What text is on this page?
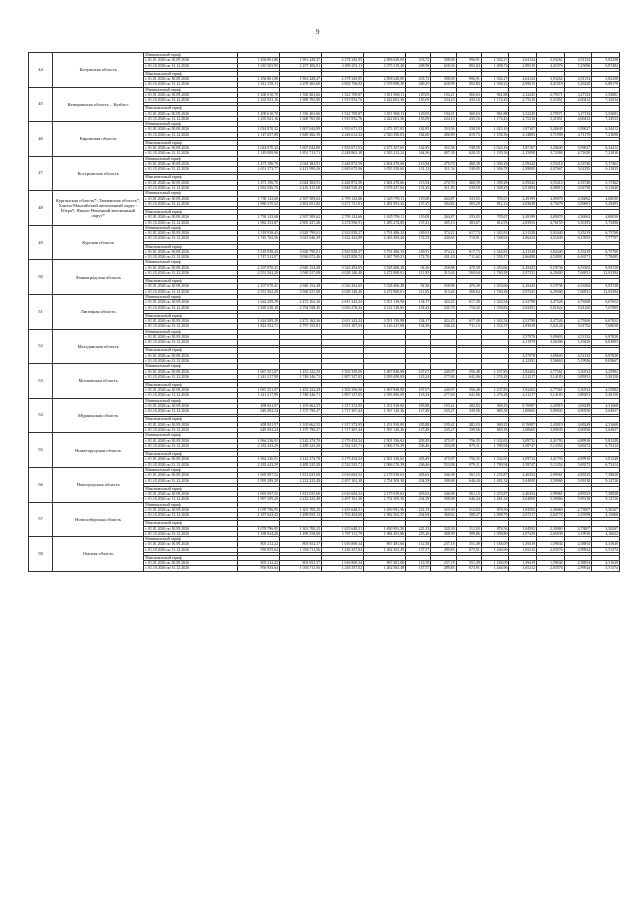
9
44	Калужская область	Минимальный тариф												
		c 01.01.2026 по 30.09.2026	1 456 861,86	1 961 428,47	2 278 345,95	2 858 628,00	233,72	398,00	996,91	1 302,27	2,64144	3,93262	4,51154	5,82208
		c 01.10.2026 по 31.12.2026	1 610 565,95	2 257 306,01	2 690 253,11	3 375 519,40	268,98	628,36	802,04	1 498,72	2,98319	4,41076	5,25696	6,87482

		Максимальный тариф												
		c 01.01.2026 по 30.09.2026	1 456 861,86	1 961 428,47	2 278 345,95	2 858 628,00	233,72	398,00	996,91	1 302,27	2,64144	3,93262	4,51154	5,82208
		c 01.10.2026 по 31.12.2026	1 612 158,11	2 259 365,60	2 692 706,02	3 378 898,30	269,25	628,99	802,84	1 500,22	2,99615	4,41518	5,26220	6,88170
45	Кемеровская область – Кузбасс	Минимальный тариф												
		c 01.01.2026 по 30.09.2026	1 200 610,70	1 356 463,66	1 522 709,87	1 811 968,11	129,05	194,21	360,63	961,88	2,32245	2,79571	3,27134	5,53681
		c 01.10.2026 по 31.12.2026	1 435 941,16	1 608 765,90	1 915 952,76	2 422 601,56	155,09	234,10	435,16	1 174,43	2,75210	3,31851	4,00412	7,32934

		Максимальный тариф												
		c 01.01.2026 по 30.09.2026	1 200 610,70	1 356 463,66	1 522 709,87	1 811 968,11	129,05	194,21	360,63	961,88	2,32245	2,79571	3,27134	5,53681
		c 01.10.2026 по 31.12.2026	1 435 941,16	1 608 765,90	1 915 952,76	2 422 601,56	155,09	234,10	435,16	1 174,43	2,75210	3,31851	4,00412	7,32934
46	Кировская область	Минимальный тариф												
		c 01.01.2026 по 30.09.2026	1 024 070,32	1 607 044,89	1 935 671,53	2 473 107,65	142,85	353,56	538,50	1 023,16	1,87107	3,20639	3,99027	6,34412
		c 01.10.2026 по 31.12.2026	1 147 657,89	1 849 466,39	2 246 614,32	2 920 290,03	164,60	406,89	619,73	1 194,36	2,14883	3,71998	4,71176	7,21698

		Максимальный тариф												
		c 01.01.2026 по 30.09.2026	1 024 070,32	1 607 044,89	1 935 671,53	2 473 107,65	142,85	353,56	538,50	1 023,16	1,87107	3,20639	3,99027	6,34412
		c 01.10.2026 по 31.12.2026	1 149 008,96	1 851 713,71	2 248 863,18	2 923 213,24	164,56	407,30	620,35	1 195,56	2,15098	3,72368	4,71650	7,21810
47	Костромская область	Минимальный тариф												
		c 01.01.2026 по 30.09.2026	1 473 196,70	2 044 384,91	2 448 872,50	2 604 470,66	113,94	270,70	468,39	1 309,28	2,59442	3,55414	4,33746	5,17462
		c 01.10.2026 по 31.12.2026	1 651 273,77	2 413 999,26	2 845 675,96	3 055 358,60	131,13	311,54	539,05	1 506,78	2,98085	4,07667	5,02295	6,11025

		Максимальный тариф												
		c 01.01.2026 по 30.09.2026	1 473 196,70	2 044 384,91	2 448 872,50	2 604 470,66	113,94	270,70	468,39	1 309,28	2,59442	3,55414	4,33746	5,17462
		c 01.10.2026 по 31.12.2026	1 652 926,70	2 416 415,68	2 848 528,49	3 078 437,04	131,26	311,85	539,59	1 508,29	2,91094	4,08015	5,02798	6,11640
48	Курганская область*; Тюменская область*; Ханты-Мансийский автономный округ - Югра*; Ямало-Ненецкий автономный округ*	Минимальный тариф												
		c 01.01.2026 по 30.09.2026	1 738 143,68	2 397 509,62	2 799 142,66	1 025 799,11	119,08	264,87	333,05	705,67	2,49199	4,09070	4,36062	4,60030
		c 01.10.2026 по 31.12.2026	1 980 370,52	2 802 651,82	3 271 721,91	1 281 991,42	137,27	304,82	383,29	812,12	2,83649	4,75679	5,09691	5,29493

		Максимальный тариф												
		c 01.01.2026 по 30.09.2026	1 738 143,68	2 397 509,62	2 799 142,66	1 025 799,11	119,08	264,87	333,05	705,67	2,49199	4,09070	4,36062	4,60030
		c 01.10.2026 по 31.12.2026	1 982 352,87	2 805 437,26	3 274 996,91	1 283 274,69	137,41	305,13	383,67	812,93	2,83933	4,76155	5,10193	5,75496
49	Курская область	Минимальный тариф												
		c 01.01.2026 по 30.09.2026	1 518 938,43	2 628 799,01	2 923 828,27	3 791 486,33	149,91	374,22	617,73	1 345,81	2,31328	3,92440	5,35219	6,75768
		c 01.10.2026 по 31.12.2026	1 745 765,56	3 023 046,39	3 422 424,89	4 363 493,44	172,55	430,65	710,91	1 548,62	2,66224	4,51639	6,15955	7,77707

		Максимальный тариф												
		c 01.01.2026 по 30.09.2026	1 518 938,43	2 628 799,01	2 923 828,27	3 791 486,33	149,91	374,22	617,73	1 345,81	2,31328	3,92440	5,35219	6,75768
		c 01.10.2026 по 31.12.2026	1 747 312,07	3 026 072,46	3 425 850,74	4 367 769,21	172,70	431,10	711,62	1 550,17	2,66490	4,52091	6,16571	7,78485
50	Ленинградская область	Минимальный тариф												
		c 01.01.2026 по 30.09.2026	2 107 070,41	2 940 154,48	3 326 292,65	3 528 406,28	92,36	258,86	470,39	1 453,66	2,45443	5,19736	6,33304	9,93728
		c 01.10.2026 по 31.12.2026	2 551 562,29	3 560 527,08	4 028 140,40	4 272 900,01	111,85	313,44	569,64	1 760,38	2,97231	6,29400	7,66931	12,03394

		Максимальный тариф												
		c 01.01.2026 по 30.09.2026	2 107 070,41	2 940 154,48	3 326 292,65	3 528 406,28	92,36	258,86	470,39	1 453,66	2,45443	5,19736	6,33304	9,93728
		c 01.10.2026 по 31.12.2026	2 551 562,29	3 560 527,08	4 028 140,40	4 272 900,01	111,85	313,44	569,64	1 760,38	2,97231	6,29400	7,66931	12,03394
51	Липецкая область	Минимальный тариф												
		c 01.01.2026 по 30.09.2026	1 624 209,29	2 472 162,36	2 631 343,24	3 551 139,98	134,17	424,25	617,30	1 343,54	2,52798	4,47526	4,79268	6,67652
		c 01.10.2026 по 31.12.2026	1 820 530,18	2 794 558,45	3 026 276,22	4 122 128,85	154,43	545,79	710,42	1 550,82	2,83351	5,01622	5,61160	7,67889

		Максимальный тариф												
		c 01.01.2026 по 30.09.2026	1 624 209,29	2 472 162,36	2 631 343,24	3 551 139,98	134,17	424,25	617,30	1 343,54	2,52798	4,47526	4,79268	6,67652
		c 01.10.2026 по 31.12.2026	1 822 352,71	2 797 355,81	3 031 307,53	4 126 247,00	154,56	546,24	711,13	1 552,37	2,83639	5,02124	5,61702	7,68658
52	Магаданская область	Минимальный тариф												
		c 01.01.2026 по 30.09.2026									3,57978	3,09603	4,51333	6,97828
		c 01.10.2026 по 31.12.2026									4,11979	3,56306	5,19416	8,03083

		Максимальный тариф												
		c 01.01.2026 по 30.09.2026									3,57978	3,09603	4,51333	6,97828
		c 01.10.2026 по 31.12.2026									4,12391	3,56663	5,19936	8,03667
53	Московская область	Минимальный тариф												
		c 01.01.2026 по 30.09.2026	1 067 251,07	1 453 322,29	1 502 350,00	1 697 848,88	107,07	240,97	556,48	1 107,85	1,92263	2,77561	3,30532	4,25982
		c 01.10.2026 по 31.12.2026	1 241 217,99	1 748 346,71	1 807 327,05	2 059 490,09	123,34	277,60	641,06	1 276,28	2,21217	3,14183	3,89291	5,20150

		Максимальный тариф												
		c 01.01.2026 по 30.09.2026	1 067 251,07	1 453 322,29	1 502 350,00	1 697 848,88	107,07	240,97	556,48	1 107,85	1,92263	2,77561	3,30532	4,25982
		c 01.10.2026 по 31.12.2026	1 241 217,99	1 748 346,71	1 807 327,05	2 059 490,09	123,34	277,60	641,06	1 276,28	2,21217	3,14183	3,89291	5,20150
54	Мурманская область	Минимальный тариф												
		c 01.01.2026 по 30.09.2026	498 841,97	1 105 662,55	1 317 372,95	1 251 918,00	105,88	195,41	282,03	569,25	0,76987	2,43919	3,69249	4,31668
		c 01.10.2026 по 31.12.2026	649 492,24	1 375 790,27	1 717 267,44	1 567 120,26	127,48	235,27	339,56	685,38	1,00665	3,09045	4,90550	5,64927

		Максимальный тариф												
		c 01.01.2026 по 30.09.2026	498 841,97	1 105 662,55	1 317 372,95	1 251 918,00	105,88	195,41	282,03	569,25	0,76987	2,43919	3,69249	4,31668
		c 01.10.2026 по 31.12.2026	649 492,24	1 375 790,27	1 717 267,44	1 567 120,26	127,48	235,27	339,56	685,38	1,00665	3,09045	4,90550	5,64927
55	Нижегородская область	Минимальный тариф												
		c 01.01.2026 по 30.09.2026	1 964 236,91	2 142 274,70	2 179 454,34	2 501 356,62	203,49	475,97	756,35	1 532,65	3,09732	4,41793	4,89910	5,81248
		c 01.10.2026 по 31.12.2026	2 182 443,29	2 489 325,20	2 532 525,71	2 906 576,39	236,46	553,08	879,11	1 780,94	3,58747	5,13354	5,69272	6,75414

		Максимальный тариф												
		c 01.01.2026 по 30.09.2026	1 964 236,91	2 142 274,70	2 179 454,34	2 501 356,62	203,49	475,97	756,35	1 532,65	3,09732	4,41793	4,89910	5,81248
		c 01.10.2026 по 31.12.2026	2 182 443,29	2 489 325,20	2 532 525,71	2 906 576,39	236,46	553,08	879,11	1 780,94	3,58747	5,13354	5,69272	6,75414
56	Новгородская область	Минимальный тариф												
		c 01.01.2026 по 30.09.2026	1 695 097,52	1 813 025,60	2 016 604,52	2 179 559,63	203,63	346,08	561,15	1 253,87	2,46354	2,90961	4,85525	7,39828
		c 01.10.2026 по 31.12.2026	1 995 299,29	2 222 225,48	2 497 161,38	2 754 309,30	234,58	398,68	646,44	1 481,32	3,04000	3,59066	5,99138	9,12726

		Максимальный тариф												
		c 01.01.2026 по 30.09.2026	1 695 097,52	1 813 025,60	2 016 604,52	2 179 559,63	203,63	346,08	561,15	1 253,87	2,46354	2,90961	4,85525	7,39828
		c 01.10.2026 по 31.12.2026	1 997 299,29	2 222 225,48	2 497 161,38	2 754 309,30	234,58	398,68	646,44	1 481,32	3,04000	3,59066	5,99138	9,12726
57	Новосибирская область	Минимальный тариф												
		c 01.01.2026 по 30.09.2026	1 078 796,95	1 301 700,25	1 455 648,51	1 650 991,56	221,33	320,30	512,03	876,56	1,84592	2,30069	2,73007	3,50267
		c 01.10.2026 по 31.12.2026	1 187 643,43	1 498 059,13	1 705 404,68	1 982 502,37	254,94	368,62	589,27	1 008,79	2,07217	2,64774	3,19599	4,15066

		Максимальный тариф												
		c 01.01.2026 по 30.09.2026	1 078 796,95	1 301 700,25	1 455 648,51	1 650 991,56	221,33	320,30	512,03	876,56	1,84592	2,30069	2,73007	3,50267
		c 01.10.2026 по 31.12.2026	1 188 834,26	1 499 558,69	1 707 111,79	1 984 491,86	255,20	368,99	589,86	1 009,80	2,07429	2,65039	3,19918	4,16022
58	Омская область	Минимальный тариф												
		c 01.01.2026 по 30.09.2026	805 212,22	803 652,37	1 016 869,34	967 481,60	112,58	237,18	551,49	1 184,09	1,39419	1,59044	2,38854	4,31649
		c 01.10.2026 по 31.12.2026	950 955,64	1 036 711,56	1 236 357,02	1 262 563,49	137,57	289,83	673,91	1 446,96	1,65212	2,03576	2,99924	5,51374

		Максимальный тариф												
		c 01.01.2026 по 30.09.2026	805 212,22	803 652,37	1 016 869,34	967 481,60	112,58	237,18	551,49	1 184,09	1,39419	1,59044	2,38854	4,31649
		c 01.10.2026 по 31.12.2026	950 955,64	1 036 711,56	1 236 357,02	1 262 563,49	137,57	289,83	673,91	1 446,96	1,65212	2,03576	2,99924	5,51374
